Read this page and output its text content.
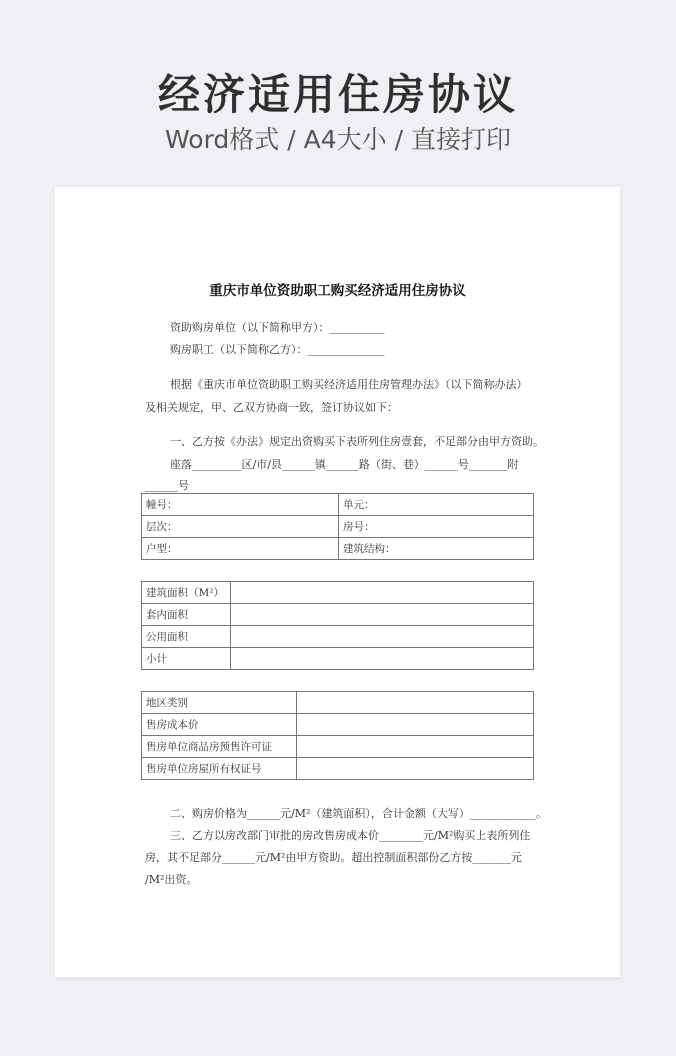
经济适用住房协议
Word格式 / A4大小 / 直接打印
重庆市单位资助职工购买经济适用住房协议
资助购房单位（以下简称甲方）：__________
购房职工（以下简称乙方）：______________
根据《重庆市单位资助职工购买经济适用住房管理办法》（以下简称办法）
及相关规定，甲、乙双方协商一致，签订协议如下：
一、乙方按《办法》规定出资购买下表所列住房壹套，不足部分由甲方资助。
座落_________区/市/县______镇______路（街、巷）______号_______附
______号
幢号：	单元：
层次：	房号：
户型：	建筑结构：
建筑面积（M²）	
套内面积	
公用面积	
小计	
地区类别	
售房成本价	
售房单位商品房预售许可证	
售房单位房屋所有权证号	
二、购房价格为______元/M²（建筑面积），合计金额（大写）____________。
三、乙方以房改部门审批的房改售房成本价________元/M²购买上表所列住
房，其不足部分______元/M²由甲方资助。超出控制面积部份乙方按_______元
/M²出资。
